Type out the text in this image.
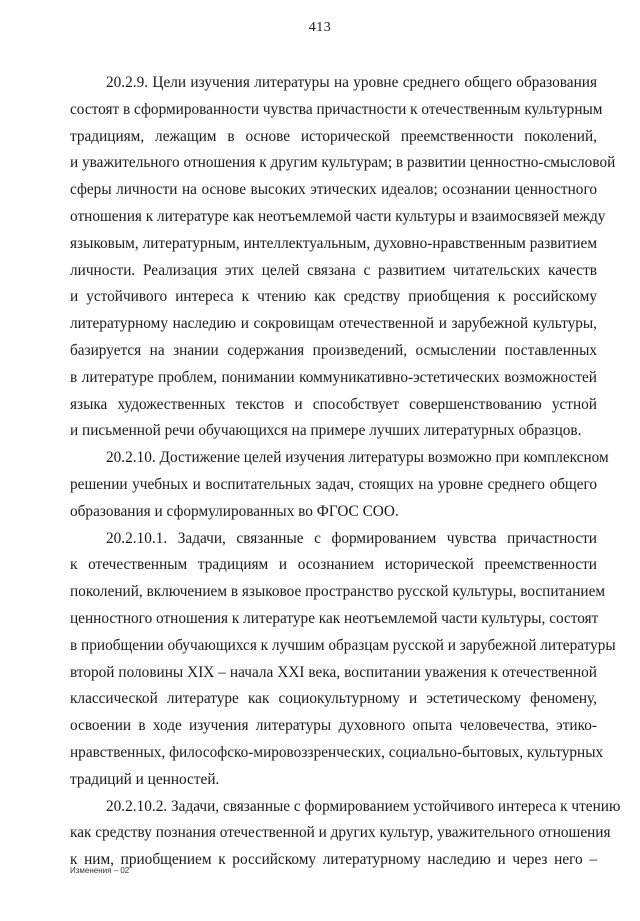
413
20.2.9. Цели изучения литературы на уровне среднего общего образования
состоят в сформированности чувства причастности к отечественным культурным
традициям, лежащим в основе исторической преемственности поколений,
и уважительного отношения к другим культурам; в развитии ценностно-смысловой
сферы личности на основе высоких этических идеалов; осознании ценностного
отношения к литературе как неотъемлемой части культуры и взаимосвязей между
языковым, литературным, интеллектуальным, духовно-нравственным развитием
личности. Реализация этих целей связана с развитием читательских качеств
и устойчивого интереса к чтению как средству приобщения к российскому
литературному наследию и сокровищам отечественной и зарубежной культуры,
базируется на знании содержания произведений, осмыслении поставленных
в литературе проблем, понимании коммуникативно-эстетических возможностей
языка художественных текстов и способствует совершенствованию устной
и письменной речи обучающихся на примере лучших литературных образцов.
20.2.10. Достижение целей изучения литературы возможно при комплексном
решении учебных и воспитательных задач, стоящих на уровне среднего общего
образования и сформулированных во ФГОС СОО.
20.2.10.1. Задачи, связанные с формированием чувства причастности
к отечественным традициям и осознанием исторической преемственности
поколений, включением в языковое пространство русской культуры, воспитанием
ценностного отношения к литературе как неотъемлемой части культуры, состоят
в приобщении обучающихся к лучшим образцам русской и зарубежной литературы
второй половины XIX – начала XXI века, воспитании уважения к отечественной
классической литературе как социокультурному и эстетическому феномену,
освоении в ходе изучения литературы духовного опыта человечества, этико-
нравственных, философско-мировоззренческих, социально-бытовых, культурных
традиций и ценностей.
20.2.10.2. Задачи, связанные с формированием устойчивого интереса к чтению
как средству познания отечественной и других культур, уважительного отношения
к ним, приобщением к российскому литературному наследию и через него –
Изменения – 02
